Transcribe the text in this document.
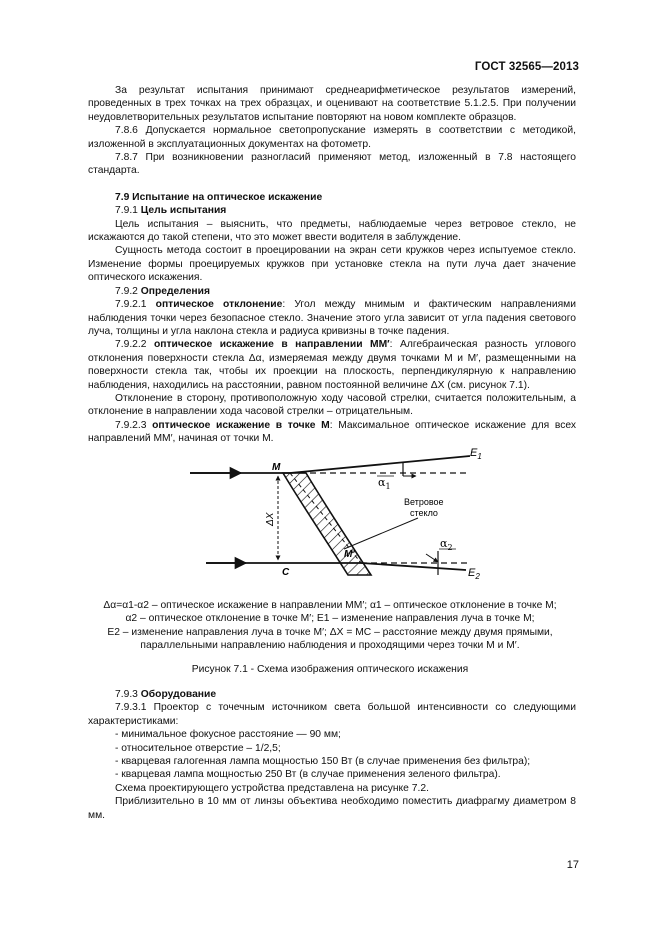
ГОСТ 32565—2013

За результат испытания принимают среднеарифметическое результатов измерений, проведенных в трех точках на трех образцах, и оценивают на соответствие 5.1.2.5. При получении неудовлетворительных результатов испытание повторяют на новом комплекте образцов.

7.8.6 Допускается нормальное светопропускание измерять в соответствии с методикой, изложенной в эксплуатационных документах на фотометр.

7.8.7 При возникновении разногласий применяют метод, изложенный в 7.8 настоящего стандарта.

7.9 Испытание на оптическое искажение

7.9.1 Цель испытания

Цель испытания – выяснить, что предметы, наблюдаемые через ветровое стекло, не искажаются до такой степени, что это может ввести водителя в заблуждение.

Сущность метода состоит в проецировании на экран сети кружков через испытуемое стекло. Изменение формы проецируемых кружков при установке стекла на пути луча дает значение оптического искажения.

7.9.2 Определения

7.9.2.1 оптическое отклонение: Угол между мнимым и фактическим направлениями наблюдения точки через безопасное стекло. Значение этого угла зависит от угла падения светового луча, толщины и угла наклона стекла и радиуса кривизны в точке падения.

7.9.2.2 оптическое искажение в направлении ММ′: Алгебраическая разность углового отклонения поверхности стекла Δα, измеряемая между двумя точками М и М′, размещенными на поверхности стекла так, чтобы их проекции на плоскость, перпендикулярную к направлению наблюдения, находились на расстоянии, равном постоянной величине ΔХ (см. рисунок 7.1).

Отклонение в сторону, противоположную ходу часовой стрелки, считается положительным, а отклонение в направлении хода часовой стрелки – отрицательным.

7.9.2.3 оптическое искажение в точке М: Максимальное оптическое искажение для всех направлений ММ′, начиная от точки М.

M
C
M′
ΔX
$E_1$
$E_2$
$\alpha_1$
$\alpha_2$
Ветровое
стекло
Δα=α1-α2 – оптическое искажение в направлении ММ′; α1 – оптическое отклонение в точке М;
α2 – оптическое отклонение в точке М′; Е1 – изменение направления луча в точке М;
Е2 – изменение направления луча в точке М′; ΔХ = МС – расстояние между двумя прямыми,
параллельными направлению наблюдения и проходящими через точки М и М′.
Рисунок 7.1 - Схема изображения оптического искажения

7.9.3 Оборудование

7.9.3.1 Проектор с точечным источником света большой интенсивности со следующими характеристиками:

- минимальное фокусное расстояние — 90 мм;

- относительное отверстие – 1/2,5;

- кварцевая галогенная лампа мощностью 150 Вт (в случае применения без фильтра);

- кварцевая лампа мощностью 250 Вт (в случае применения зеленого фильтра).

Схема проектирующего устройства представлена на рисунке 7.2.

Приблизительно в 10 мм от линзы объектива необходимо поместить диафрагму диаметром 8 мм.

17
